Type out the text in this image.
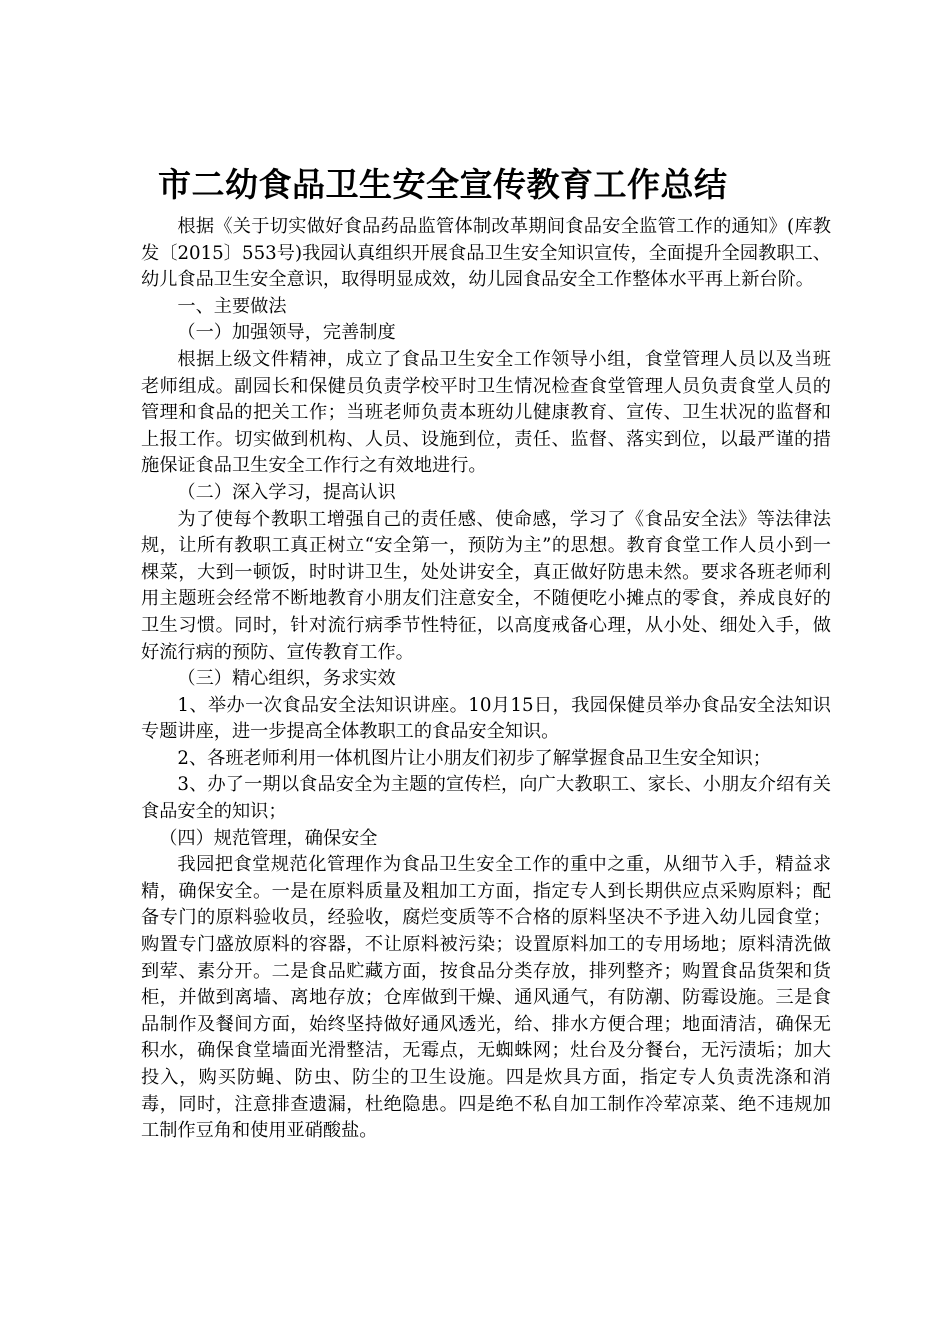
市二幼食品卫生安全宣传教育工作总结

根据《关于切实做好食品药品监管体制改革期间食品安全监管工作的通知》(库教发〔2015〕553号)我园认真组织开展食品卫生安全知识宣传，全面提升全园教职工、幼儿食品卫生安全意识，取得明显成效，幼儿园食品安全工作整体水平再上新台阶。

一、主要做法

（一）加强领导，完善制度

根据上级文件精神，成立了食品卫生安全工作领导小组，食堂管理人员以及当班老师组成。副园长和保健员负责学校平时卫生情况检查食堂管理人员负责食堂人员的管理和食品的把关工作；当班老师负责本班幼儿健康教育、宣传、卫生状况的监督和上报工作。切实做到机构、人员、设施到位，责任、监督、落实到位，以最严谨的措施保证食品卫生安全工作行之有效地进行。

（二）深入学习，提高认识

为了使每个教职工增强自己的责任感、使命感，学习了《食品安全法》等法律法规，让所有教职工真正树立“安全第一，预防为主”的思想。教育食堂工作人员小到一棵菜，大到一顿饭，时时讲卫生，处处讲安全，真正做好防患未然。要求各班老师利用主题班会经常不断地教育小朋友们注意安全，不随便吃小摊点的零食，养成良好的卫生习惯。同时，针对流行病季节性特征，以高度戒备心理，从小处、细处入手，做好流行病的预防、宣传教育工作。

（三）精心组织，务求实效

1、举办一次食品安全法知识讲座。10月15日，我园保健员举办食品安全法知识专题讲座，进一步提高全体教职工的食品安全知识。

2、各班老师利用一体机图片让小朋友们初步了解掌握食品卫生安全知识；

3、办了一期以食品安全为主题的宣传栏，向广大教职工、家长、小朋友介绍有关食品安全的知识；

（四）规范管理，确保安全

我园把食堂规范化管理作为食品卫生安全工作的重中之重，从细节入手，精益求精，确保安全。一是在原料质量及粗加工方面，指定专人到长期供应点采购原料；配备专门的原料验收员，经验收，腐烂变质等不合格的原料坚决不予进入幼儿园食堂；购置专门盛放原料的容器，不让原料被污染；设置原料加工的专用场地；原料清洗做到荤、素分开。二是食品贮藏方面，按食品分类存放，排列整齐；购置食品货架和货柜，并做到离墙、离地存放；仓库做到干燥、通风通气，有防潮、防霉设施。三是食品制作及餐间方面，始终坚持做好通风透光，给、排水方便合理；地面清洁，确保无积水，确保食堂墙面光滑整洁，无霉点，无蜘蛛网；灶台及分餐台，无污渍垢；加大投入，购买防蝇、防虫、防尘的卫生设施。四是炊具方面，指定专人负责洗涤和消毒，同时，注意排查遗漏，杜绝隐患。四是绝不私自加工制作冷荤凉菜、绝不违规加工制作豆角和使用亚硝酸盐。
